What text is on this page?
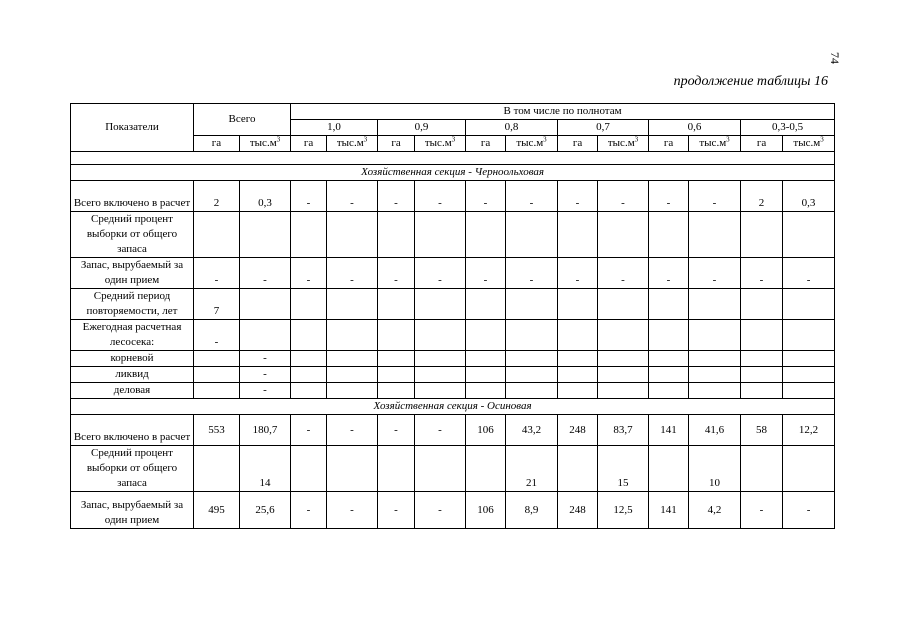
74
продолжение таблицы 16
Показатели	Всего		В том числе по полнотам											
			1,0		0,9		0,8		0,7		0,6		0,3-0,5	
	га	$тыс.м^3$	га	$тыс.м^3$	га	$тыс.м^3$	га	$тыс.м^3$	га	$тыс.м^3$	га	$тыс.м^3$	га	$тыс.м^3$

Хозяйственная секция - Черноольховая														
Всего включено в расчет	2	0,3	-	-	-	-	-	-	-	-	-	-	2	0,3
Средний процент выборки от общего запаса														
Запас, вырубаемый за один прием	-	-	-	-	-	-	-	-	-	-	-	-	-	-
Средний период повторяемости, лет	7													
Ежегодная расчетная лесосека:	-													
корневой		-												
ликвид		-												
деловая		-												
Хозяйственная секция - Осиновая														
Всего включено в расчет	553	180,7	-	-	-	-	106	43,2	248	83,7	141	41,6	58	12,2
Средний процент выборки от общего запаса		14						21		15		10		
Запас, вырубаемый за один прием	495	25,6	-	-	-	-	106	8,9	248	12,5	141	4,2	-	-
